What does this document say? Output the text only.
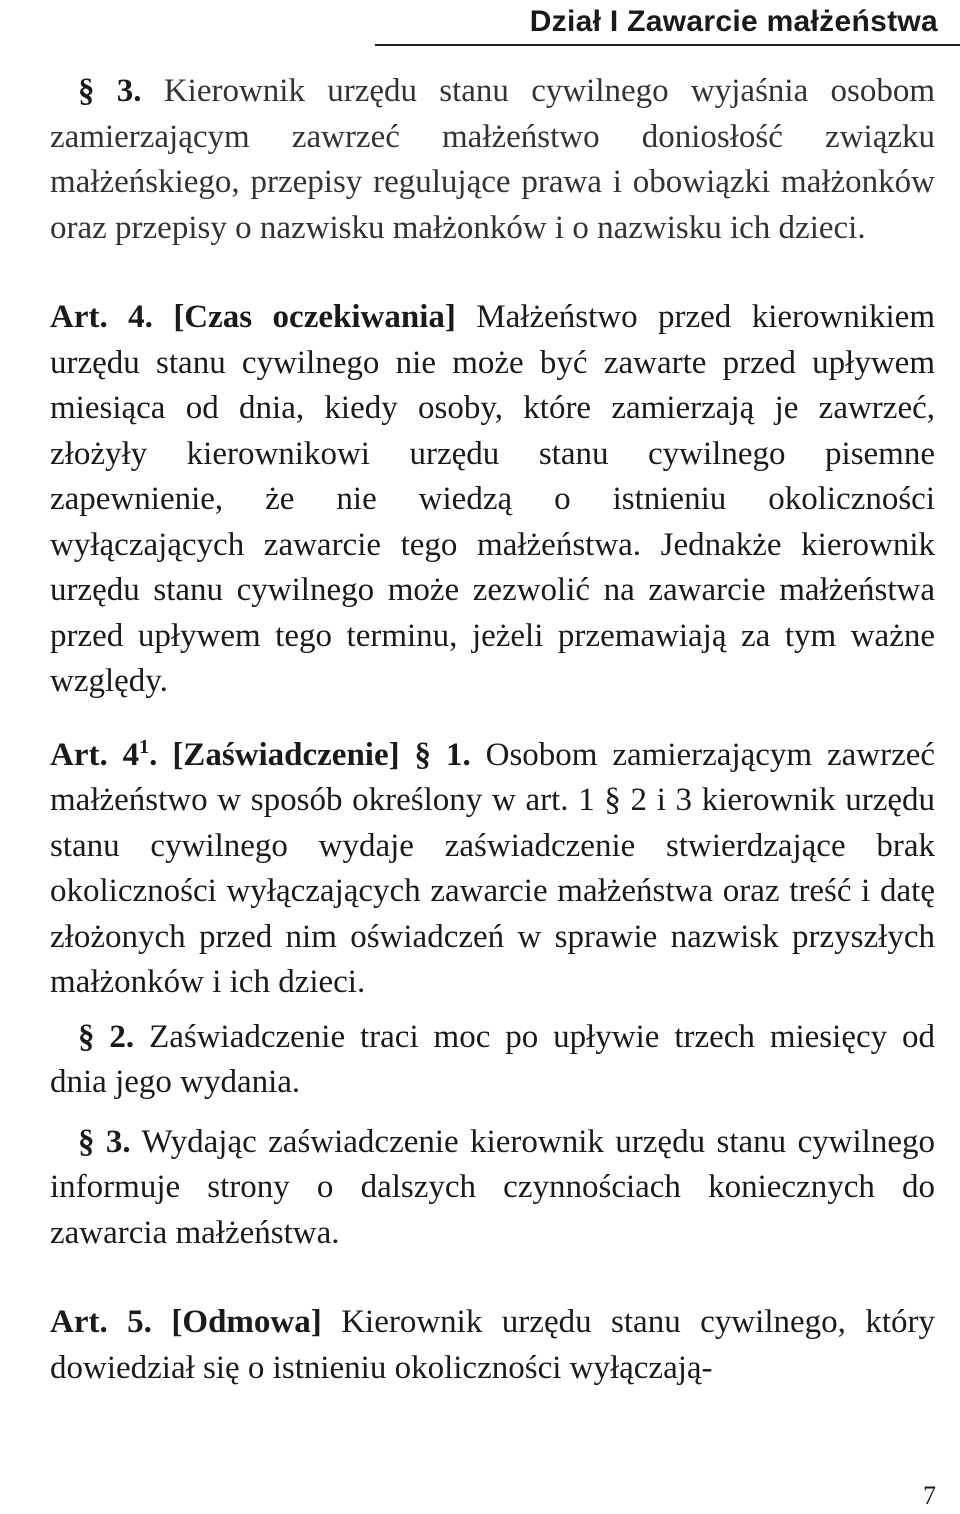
Dział I Zawarcie małżeństwa

§ 3. Kierownik urzędu stanu cywilnego wyjaśnia osobom zamierzającym zawrzeć małżeństwo doniosłość związku małżeńskiego, przepisy regulujące prawa i obowiązki małżonków oraz przepisy o nazwisku małżonków i o nazwisku ich dzieci.

Art. 4. [Czas oczekiwania] Małżeństwo przed kierownikiem urzędu stanu cywilnego nie może być zawarte przed upływem miesiąca od dnia, kiedy osoby, które zamierzają je zawrzeć, złożyły kierownikowi urzędu stanu cywilnego pisemne zapewnienie, że nie wiedzą o istnieniu okoliczności wyłączających zawarcie tego małżeństwa. Jednakże kierownik urzędu stanu cywilnego może zezwolić na zawarcie małżeństwa przed upływem tego terminu, jeżeli przemawiają za tym ważne względy.

Art. $4^1$. [Zaświadczenie] § 1. Osobom zamierzającym zawrzeć małżeństwo w sposób określony w art. 1 § 2 i 3 kierownik urzędu stanu cywilnego wydaje zaświadczenie stwierdzające brak okoliczności wyłączających zawarcie małżeństwa oraz treść i datę złożonych przed nim oświadczeń w sprawie nazwisk przyszłych małżonków i ich dzieci.

§ 2. Zaświadczenie traci moc po upływie trzech miesięcy od dnia jego wydania.

§ 3. Wydając zaświadczenie kierownik urzędu stanu cywilnego informuje strony o dalszych czynnościach koniecznych do zawarcia małżeństwa.

Art. 5. [Odmowa] Kierownik urzędu stanu cywilnego, który dowiedział się o istnieniu okoliczności wyłączają-

7
